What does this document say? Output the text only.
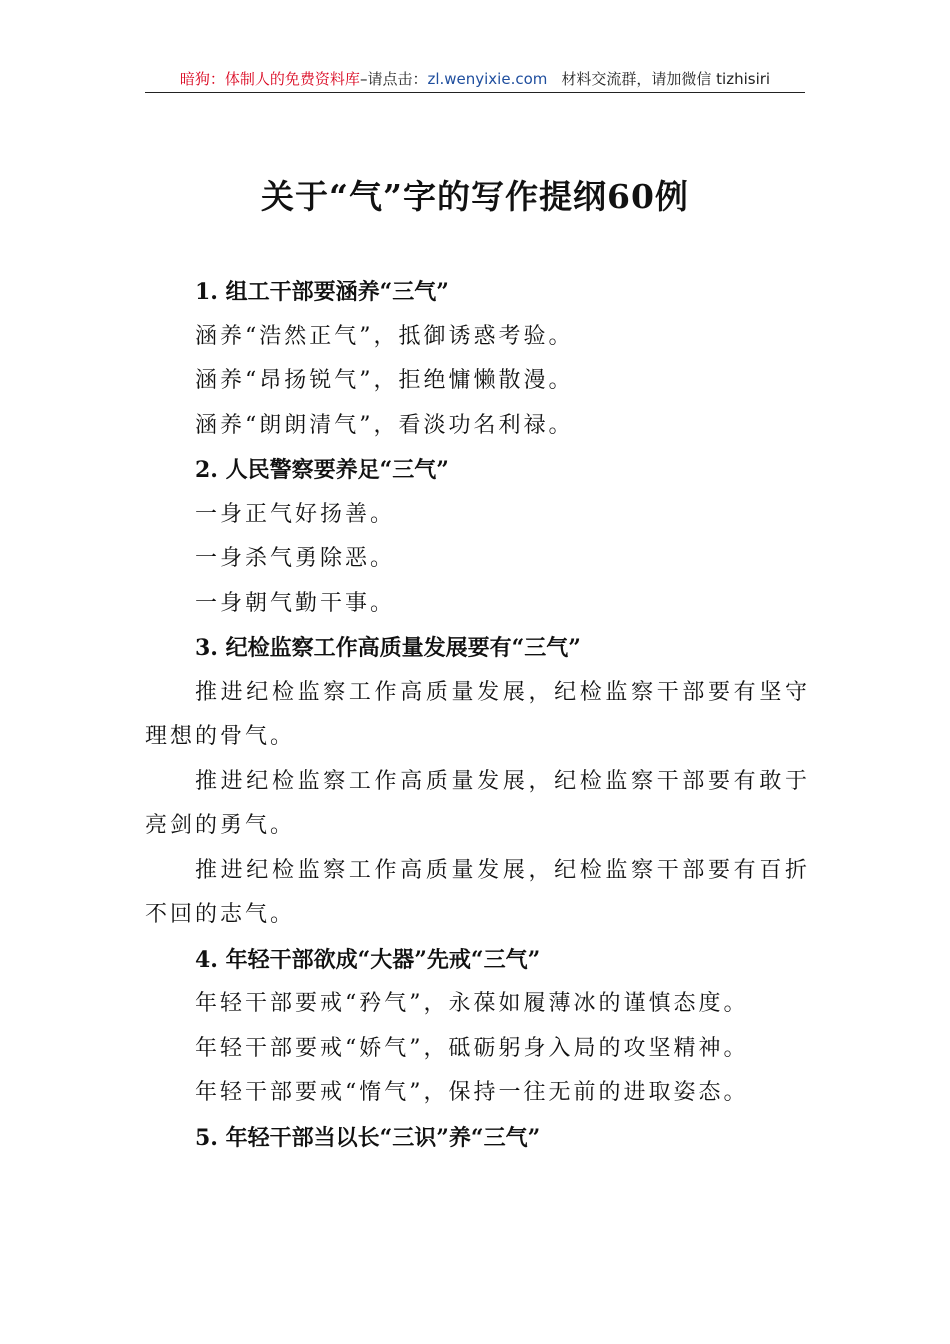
暗狗：体制人的免费资料库–请点击：zl.wenyixie.com 材料交流群，请加微信 tizhisiri
关于“气”字的写作提纲60例
1. 组工干部要涵养“三气”
涵养“浩然正气”，抵御诱惑考验。
涵养“昂扬锐气”，拒绝慵懒散漫。
涵养“朗朗清气”，看淡功名利禄。
2. 人民警察要养足“三气”
一身正气好扬善。
一身杀气勇除恶。
一身朝气勤干事。
3. 纪检监察工作高质量发展要有“三气”
推进纪检监察工作高质量发展，纪检监察干部要有坚守理想的骨气。
推进纪检监察工作高质量发展，纪检监察干部要有敢于亮剑的勇气。
推进纪检监察工作高质量发展，纪检监察干部要有百折不回的志气。
4. 年轻干部欲成“大器”先戒“三气”
年轻干部要戒“矜气”，永葆如履薄冰的谨慎态度。
年轻干部要戒“娇气”，砥砺躬身入局的攻坚精神。
年轻干部要戒“惰气”，保持一往无前的进取姿态。
5. 年轻干部当以长“三识”养“三气”
